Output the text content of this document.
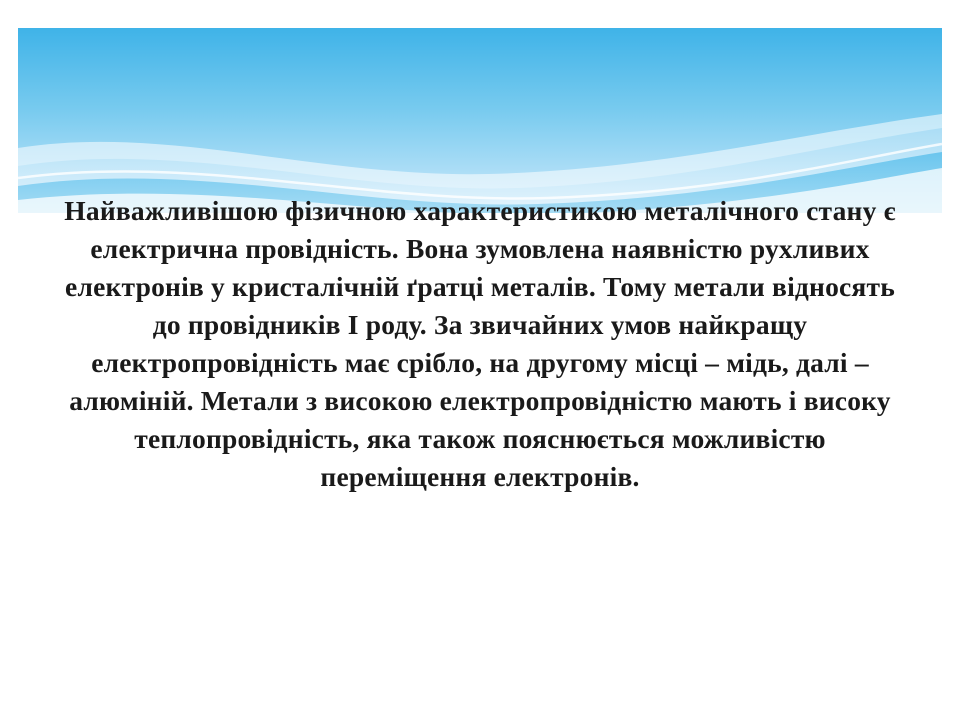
Найважливішою фізичною характеристикою металічного стану є електрична провідність. Вона зумовлена наявністю рухливих електронів у кристалічній ґратці металів. Тому метали відносять до провідників I роду. За звичайних умов найкращу електропровідність має срібло, на другому місці – мідь, далі – алюміній. Метали з високою електропровідністю мають і високу теплопровідність, яка також пояснюється можливістю переміщення електронів.
